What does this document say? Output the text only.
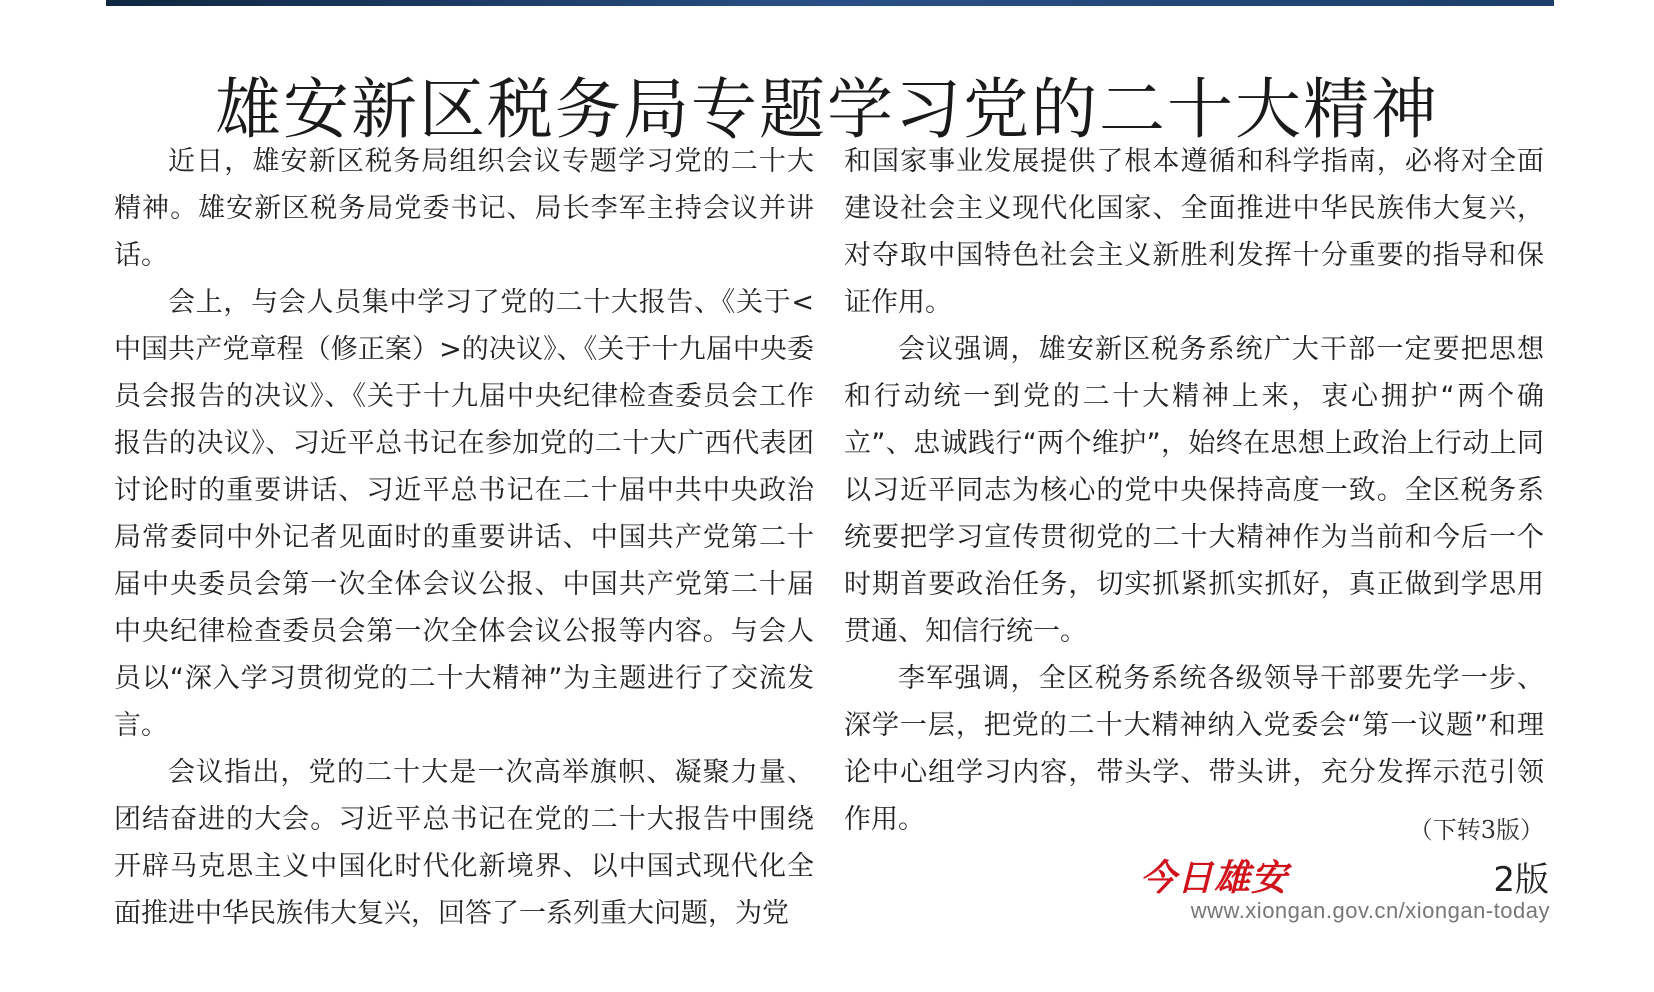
雄安新区税务局专题学习党的二十大精神

近日，雄安新区税务局组织会议专题学习党的二十大精神。雄安新区税务局党委书记、局长李军主持会议并讲话。

会上，与会人员集中学习了党的二十大报告、《关于<中国共产党章程（修正案）>的决议》、《关于十九届中央委员会报告的决议》、《关于十九届中央纪律检查委员会工作报告的决议》、习近平总书记在参加党的二十大广西代表团讨论时的重要讲话、习近平总书记在二十届中共中央政治局常委同中外记者见面时的重要讲话、中国共产党第二十届中央委员会第一次全体会议公报、中国共产党第二十届中央纪律检查委员会第一次全体会议公报等内容。与会人员以“深入学习贯彻党的二十大精神”为主题进行了交流发言。

会议指出，党的二十大是一次高举旗帜、凝聚力量、团结奋进的大会。习近平总书记在党的二十大报告中围绕开辟马克思主义中国化时代化新境界、以中国式现代化全面推进中华民族伟大复兴，回答了一系列重大问题，为党

和国家事业发展提供了根本遵循和科学指南，必将对全面建设社会主义现代化国家、全面推进中华民族伟大复兴，对夺取中国特色社会主义新胜利发挥十分重要的指导和保证作用。

会议强调，雄安新区税务系统广大干部一定要把思想和行动统一到党的二十大精神上来，衷心拥护“两个确立”、忠诚践行“两个维护”，始终在思想上政治上行动上同以习近平同志为核心的党中央保持高度一致。全区税务系统要把学习宣传贯彻党的二十大精神作为当前和今后一个时期首要政治任务，切实抓紧抓实抓好，真正做到学思用贯通、知信行统一。

李军强调，全区税务系统各级领导干部要先学一步、深学一层，把党的二十大精神纳入党委会“第一议题”和理论中心组学习内容，带头学、带头讲，充分发挥示范引领作用。	（下转3版）
今日雄安	2版
www.xiongan.gov.cn/xiongan-today
